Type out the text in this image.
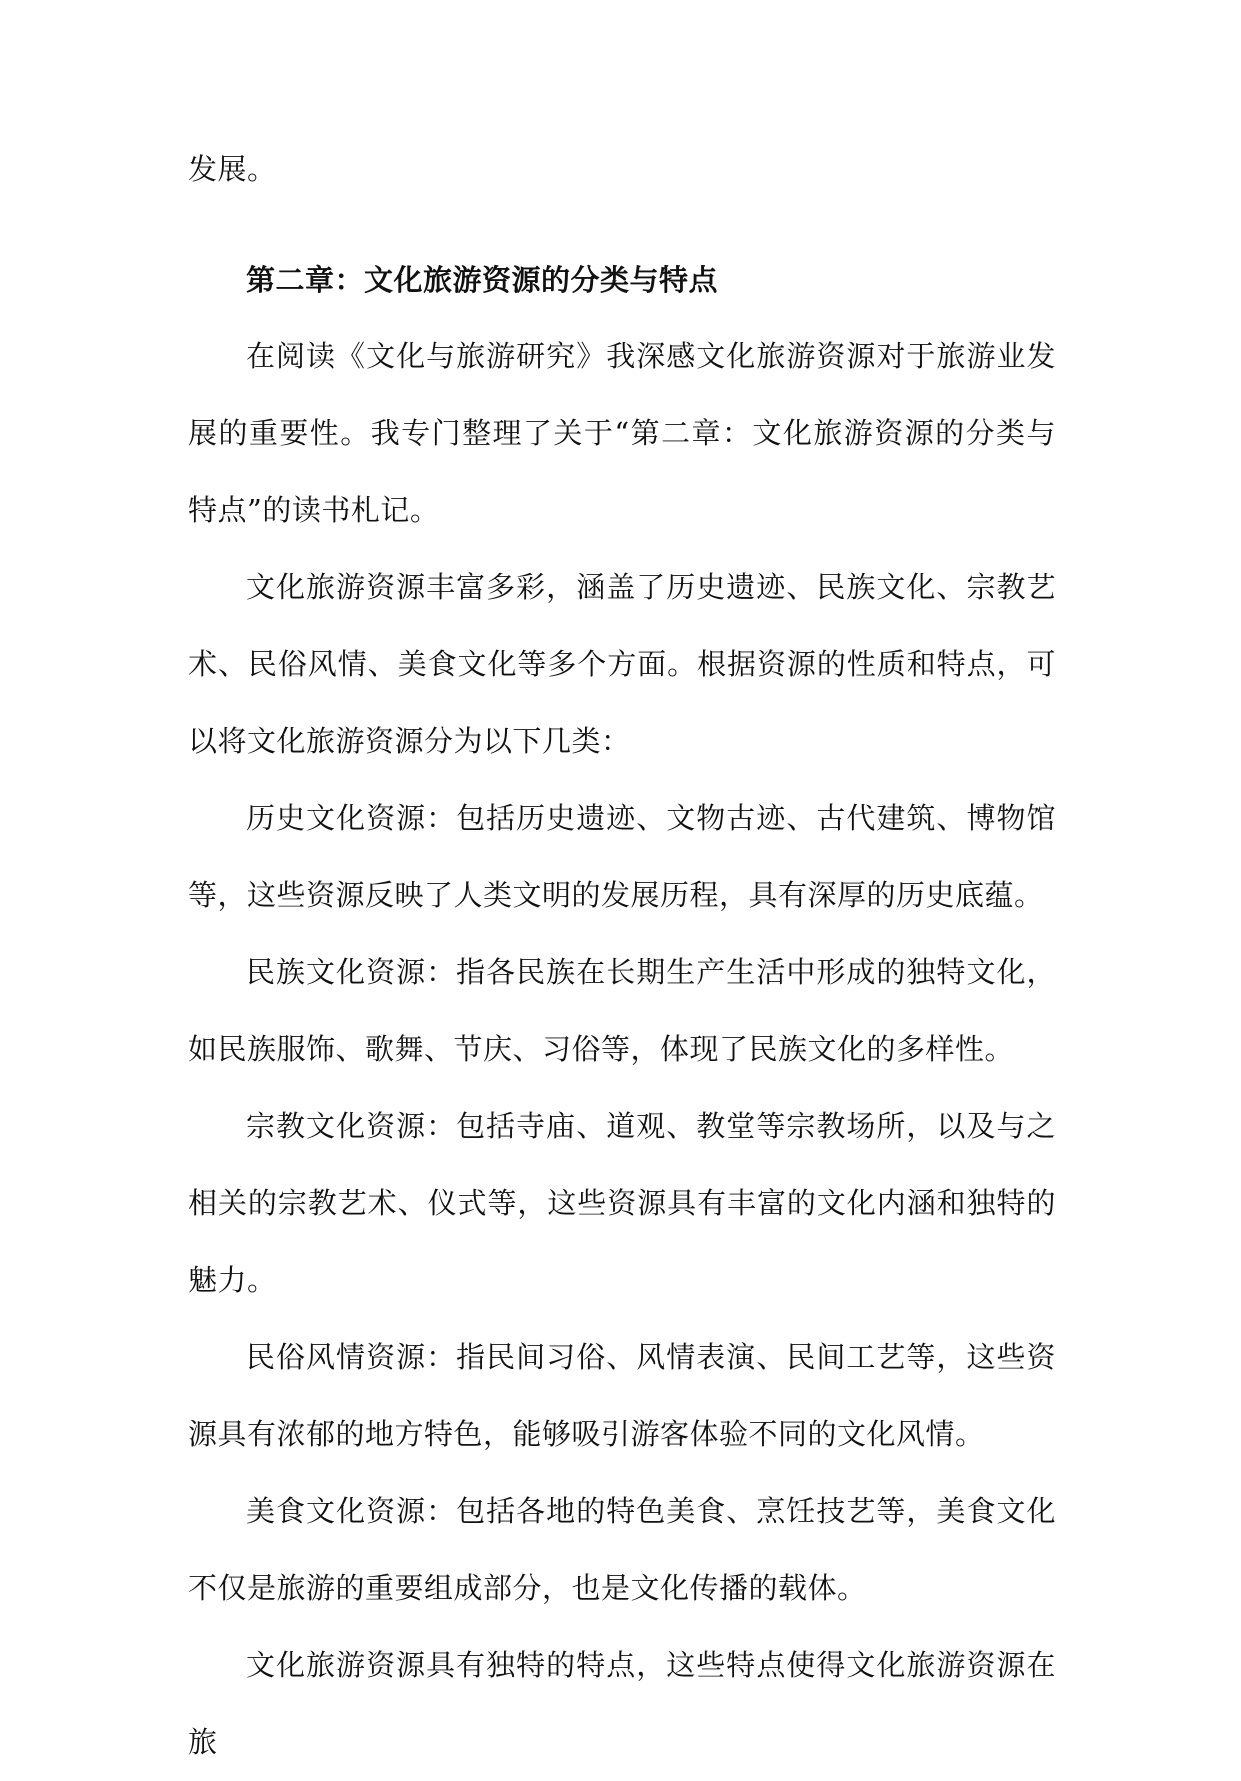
发展。

第二章：文化旅游资源的分类与特点

在阅读《文化与旅游研究》我深感文化旅游资源对于旅游业发展的重要性。我专门整理了关于“第二章：文化旅游资源的分类与特点”的读书札记。

文化旅游资源丰富多彩，涵盖了历史遗迹、民族文化、宗教艺术、民俗风情、美食文化等多个方面。根据资源的性质和特点，可以将文化旅游资源分为以下几类：

历史文化资源：包括历史遗迹、文物古迹、古代建筑、博物馆等，这些资源反映了人类文明的发展历程，具有深厚的历史底蕴。

民族文化资源：指各民族在长期生产生活中形成的独特文化，如民族服饰、歌舞、节庆、习俗等，体现了民族文化的多样性。

宗教文化资源：包括寺庙、道观、教堂等宗教场所，以及与之相关的宗教艺术、仪式等，这些资源具有丰富的文化内涵和独特的魅力。

民俗风情资源：指民间习俗、风情表演、民间工艺等，这些资源具有浓郁的地方特色，能够吸引游客体验不同的文化风情。

美食文化资源：包括各地的特色美食、烹饪技艺等，美食文化不仅是旅游的重要组成部分，也是文化传播的载体。

文化旅游资源具有独特的特点，这些特点使得文化旅游资源在旅
